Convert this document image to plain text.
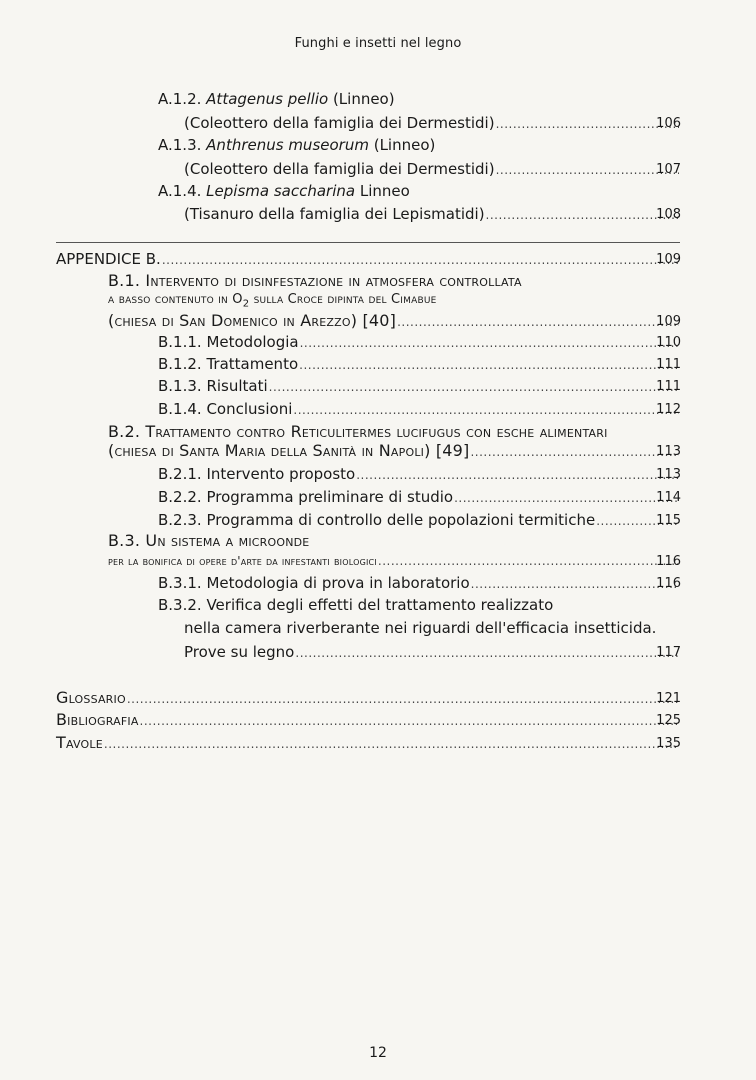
Funghi e insetti nel legno
A.1.2. Attagenus pellio (Linneo)
(Coleottero della famiglia dei Dermestidi) .....	106
A.1.3. Anthrenus museorum (Linneo)
(Coleottero della famiglia dei Dermestidi) .....	107
A.1.4. Lepisma saccharina Linneo
(Tisanuro della famiglia dei Lepismatidi) .....	108
APPENDICE B. .....	109
B.1. Intervento di disinfestazione in atmosfera controllata
a basso contenuto in $O_2$ sulla Croce dipinta del Cimabue
(chiesa di San Domenico in Arezzo) [40] .....	109
B.1.1. Metodologia .....	110
B.1.2. Trattamento .....	111
B.1.3. Risultati .....	111
B.1.4. Conclusioni .....	112
B.2. Trattamento contro Reticulitermes lucifugus con esche alimentari
(chiesa di Santa Maria della Sanità in Napoli) [49] .....	113
B.2.1. Intervento proposto .....	113
B.2.2. Programma preliminare di studio .....	114
B.2.3. Programma di controllo delle popolazioni termitiche .....	115
B.3. Un sistema a microonde
per la bonifica di opere d'arte da infestanti biologici .....	116
B.3.1. Metodologia di prova in laboratorio .....	116
B.3.2. Verifica degli effetti del trattamento realizzato
nella camera riverberante nei riguardi dell'efficacia insetticida.
Prove su legno .....	117
Glossario .....	121
Bibliografia .....	125
Tavole .....	135
12
